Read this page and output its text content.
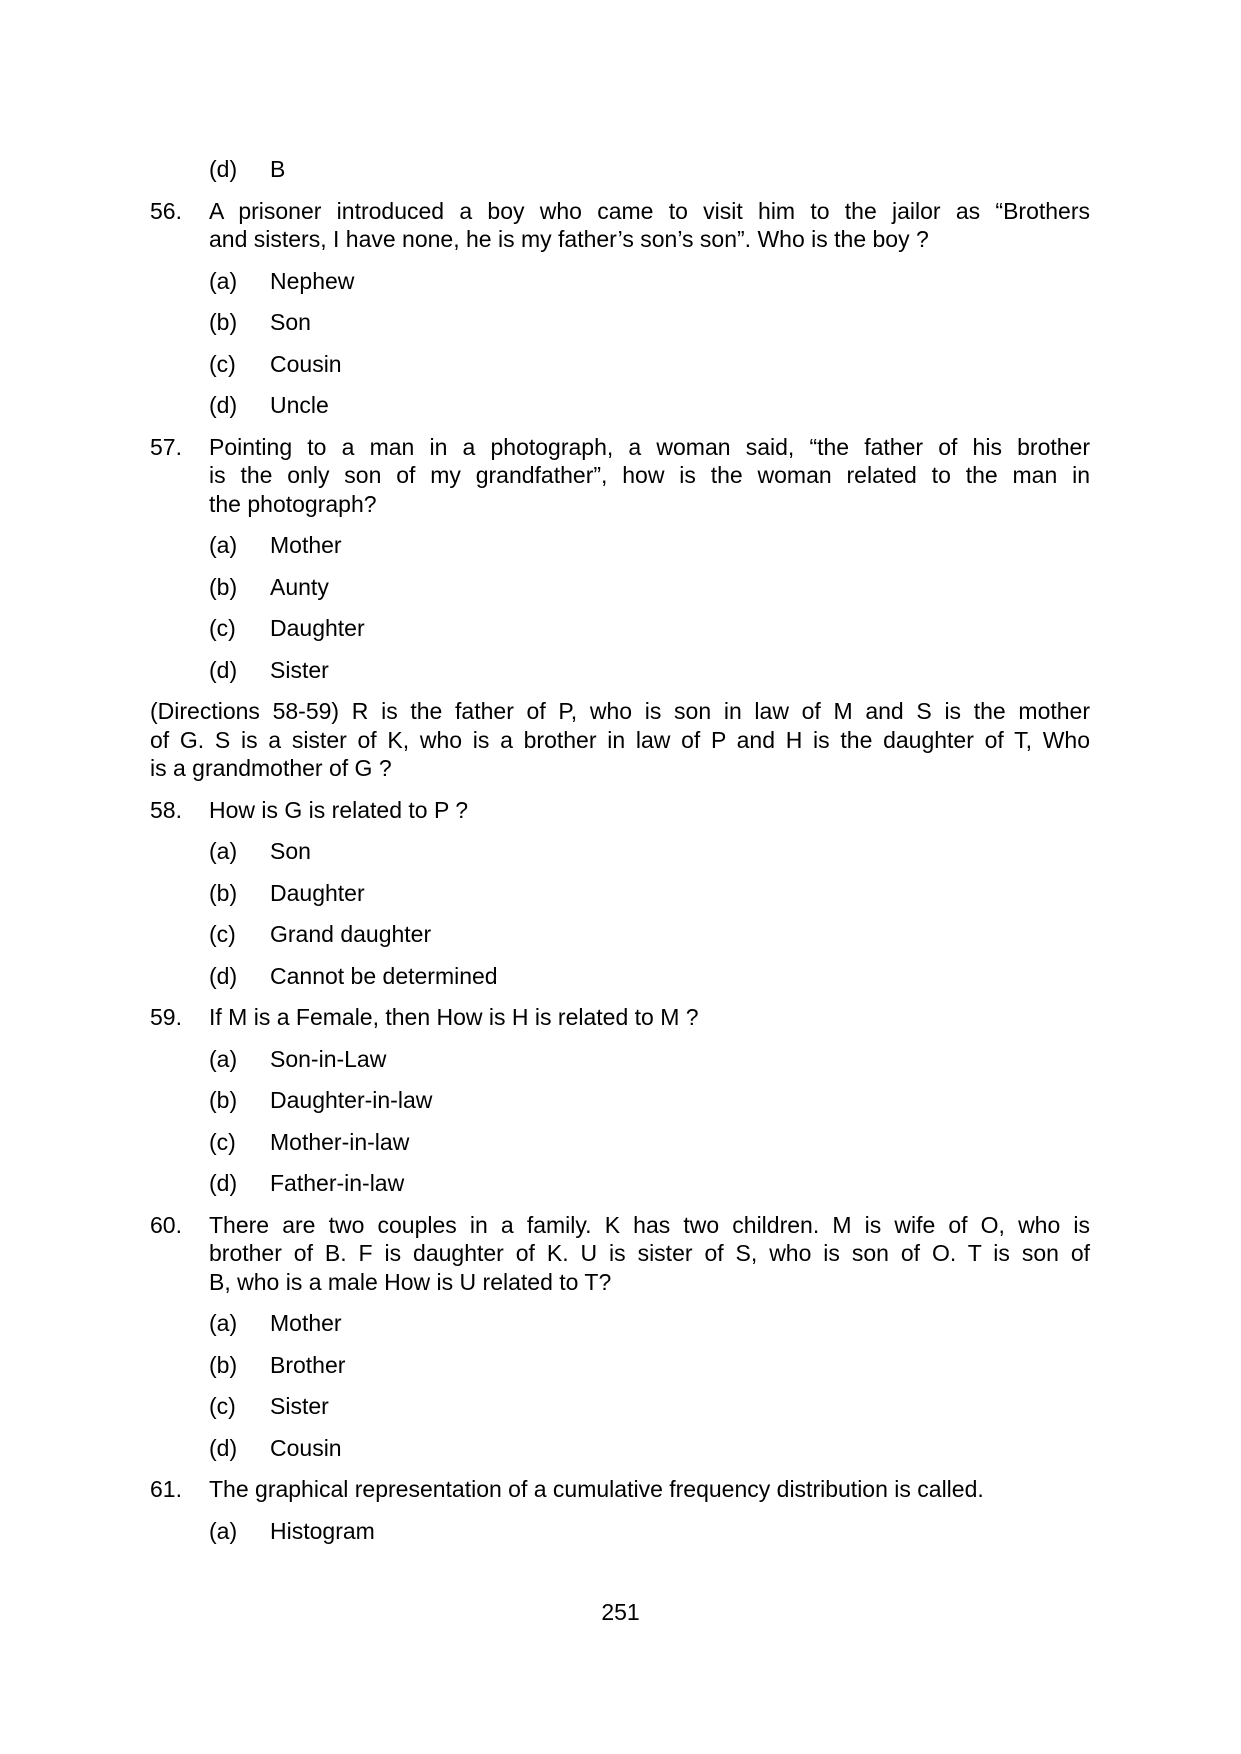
(d)	B
56.	A prisoner introduced a boy who came to visit him to the jailor as “Brothers
and sisters, I have none, he is my father’s son’s son”. Who is the boy ?
(a)	Nephew
(b)	Son
(c)	Cousin
(d)	Uncle
57.	Pointing to a man in a photograph, a woman said, “the father of his brother
is the only son of my grandfather”, how is the woman related to the man in
the photograph?
(a)	Mother
(b)	Aunty
(c)	Daughter
(d)	Sister
(Directions 58-59) R is the father of P, who is son in law of M and S is the mother
of G. S is a sister of K, who is a brother in law of P and H is the daughter of T, Who
is a grandmother of G ?
58.	How is G is related to P ?
(a)	Son
(b)	Daughter
(c)	Grand daughter
(d)	Cannot be determined
59.	If M is a Female, then How is H is related to M ?
(a)	Son-in-Law
(b)	Daughter-in-law
(c)	Mother-in-law
(d)	Father-in-law
60.	There are two couples in a family. K has two children. M is wife of O, who is
brother of B. F is daughter of K. U is sister of S, who is son of O. T is son of
B, who is a male How is U related to T?
(a)	Mother
(b)	Brother
(c)	Sister
(d)	Cousin
61.	The graphical representation of a cumulative frequency distribution is called.
(a)	Histogram
251
